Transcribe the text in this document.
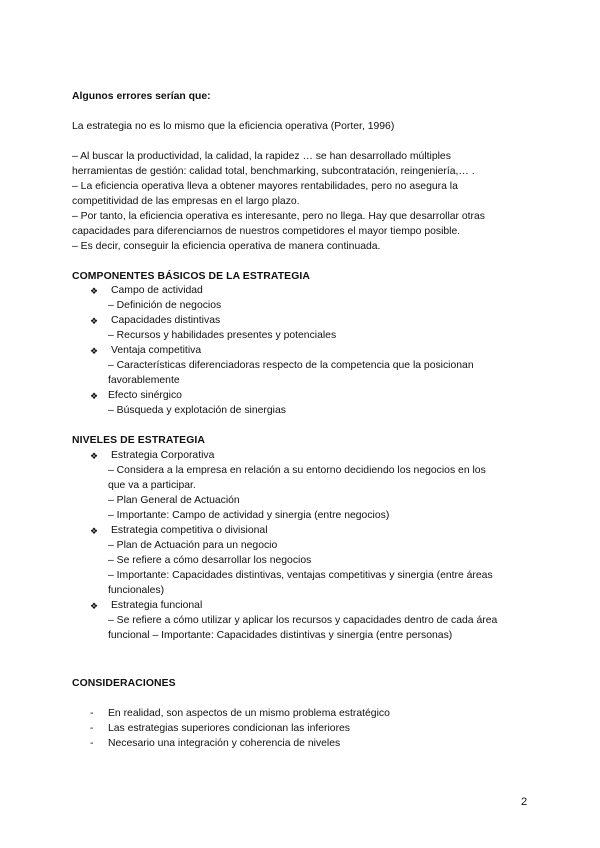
Algunos errores serían que:
La estrategia no es lo mismo que la eficiencia operativa (Porter, 1996)
– Al buscar la productividad, la calidad, la rapidez … se han desarrollado múltiples
herramientas de gestión: calidad total, benchmarking, subcontratación, reingeniería,… .
– La eficiencia operativa lleva a obtener mayores rentabilidades, pero no asegura la
competitividad de las empresas en el largo plazo.
– Por tanto, la eficiencia operativa es interesante, pero no llega. Hay que desarrollar otras
capacidades para diferenciarnos de nuestros competidores el mayor tiempo posible.
– Es decir, conseguir la eficiencia operativa de manera continuada.
COMPONENTES BÁSICOS DE LA ESTRATEGIA
❖ Campo de actividad
– Definición de negocios
❖ Capacidades distintivas
– Recursos y habilidades presentes y potenciales
❖ Ventaja competitiva
– Características diferenciadoras respecto de la competencia que la posicionan
favorablemente
❖ Efecto sinérgico
– Búsqueda y explotación de sinergias
NIVELES DE ESTRATEGIA
❖ Estrategia Corporativa
– Considera a la empresa en relación a su entorno decidiendo los negocios en los
que va a participar.
– Plan General de Actuación
– Importante: Campo de actividad y sinergia (entre negocios)
❖ Estrategia competitiva o divisional
– Plan de Actuación para un negocio
– Se refiere a cómo desarrollar los negocios
– Importante: Capacidades distintivas, ventajas competitivas y sinergia (entre áreas
funcionales)
❖ Estrategia funcional
– Se refiere a cómo utilizar y aplicar los recursos y capacidades dentro de cada área
funcional – Importante: Capacidades distintivas y sinergia (entre personas)
CONSIDERACIONES
- En realidad, son aspectos de un mismo problema estratégico
- Las estrategias superiores condicionan las inferiores
- Necesario una integración y coherencia de niveles
2
